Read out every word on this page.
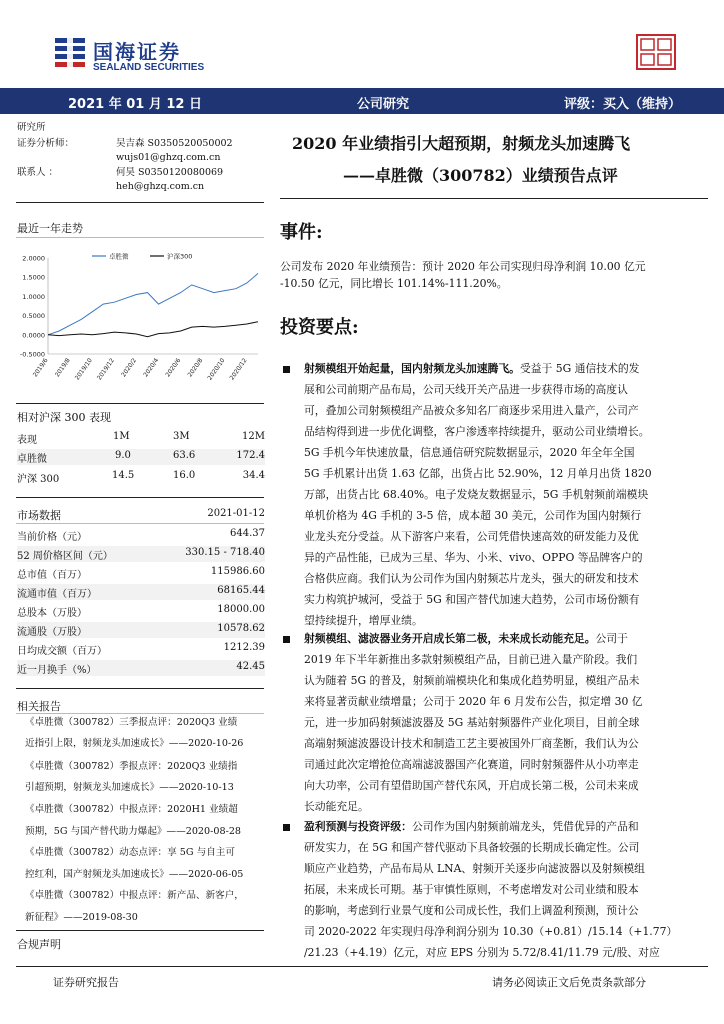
国海证券
SEALAND SECURITIES
2021 年 01 月 12 日	公司研究	评级：买入（维持）
研究所
证券分析师：	吴吉森 S0350520050002
wujs01@ghzq.com.cn
联系人 ：	何昊 S0350120080069
heh@ghzq.com.cn
2020 年业绩指引大超预期，射频龙头加速腾飞
——卓胜微（300782）业绩预告点评
最近一年走势
2.0000
1.5000
1.0000
0.5000
0.0000
-0.5000
2019/6 2019/8 2019/10 2019/12 2020/2 2020/4 2020/6 2020/8 2020/10 2020/12
卓胜微	沪深300
相对沪深 300 表现
表现	1M	3M	12M
卓胜微	9.0	63.6	172.4
沪深 300	14.5	16.0	34.4
市场数据	2021-01-12
当前价格（元）	644.37
52 周价格区间（元）	330.15 - 718.40
总市值（百万）	115986.60
流通市值（百万）	68165.44
总股本（万股）	18000.00
流通股（万股）	10578.62
日均成交额（百万）	1212.39
近一月换手（%）	42.45
相关报告
《卓胜微（300782）三季报点评：2020Q3 业绩
近指引上限，射频龙头加速成长》——2020-10-26
《卓胜微（300782）季报点评：2020Q3 业绩指
引超预期，射频龙头加速成长》——2020-10-13
《卓胜微（300782）中报点评：2020H1 业绩超
预期，5G 与国产替代助力爆起》——2020-08-28
《卓胜微（300782）动态点评：享 5G 与自主可
控红利，国产射频龙头加速成长》——2020-06-05
《卓胜微（300782）中报点评：新产品、新客户，
新征程》——2019-08-30
合规声明
事件:
公司发布 2020 年业绩预告：预计 2020 年公司实现归母净利润 10.00 亿元
-10.50 亿元，同比增长 101.14%-111.20%。
投资要点:
射频模组开始起量，国内射频龙头加速腾飞。受益于 5G 通信技术的发
展和公司前期产品布局，公司天线开关产品进一步获得市场的高度认
可，叠加公司射频模组产品被众多知名厂商逐步采用进入量产，公司产
品结构得到进一步优化调整，客户渗透率持续提升，驱动公司业绩增长。
5G 手机今年快速放量，信息通信研究院数据显示，2020 年全年全国
5G 手机累计出货 1.63 亿部，出货占比 52.90%，12 月单月出货 1820
万部，出货占比 68.40%。电子发烧友数据显示，5G 手机射频前端模块
单机价格为 4G 手机的 3-5 倍，成本超 30 美元，公司作为国内射频行
业龙头充分受益。从下游客户来看，公司凭借快速高效的研发能力及优
异的产品性能，已成为三星、华为、小米、vivo、OPPO 等品牌客户的
合格供应商。我们认为公司作为国内射频芯片龙头，强大的研发和技术
实力构筑护城河，受益于 5G 和国产替代加速大趋势，公司市场份额有
望持续提升，增厚业绩。
射频模组、滤波器业务开启成长第二极，未来成长动能充足。公司于
2019 年下半年新推出多款射频模组产品，目前已进入量产阶段。我们
认为随着 5G 的普及，射频前端模块化和集成化趋势明显，模组产品未
来将显著贡献业绩增量；公司于 2020 年 6 月发布公告，拟定增 30 亿
元，进一步加码射频滤波器及 5G 基站射频器件产业化项目，目前全球
高端射频滤波器设计技术和制造工艺主要被国外厂商垄断，我们认为公
司通过此次定增抢位高端滤波器国产化赛道，同时射频器件从小功率走
向大功率，公司有望借助国产替代东风，开启成长第二极，公司未来成
长动能充足。
盈利预测与投资评级：公司作为国内射频前端龙头，凭借优异的产品和
研发实力，在 5G 和国产替代驱动下具备较强的长期成长确定性。公司
顺应产业趋势，产品布局从 LNA、射频开关逐步向滤波器以及射频模组
拓展，未来成长可期。基于审慎性原则，不考虑增发对公司业绩和股本
的影响，考虑到行业景气度和公司成长性，我们上调盈利预测，预计公
司 2020-2022 年实现归母净利润分别为 10.30（+0.81）/15.14（+1.77）
/21.23（+4.19）亿元，对应 EPS 分别为 5.72/8.41/11.79 元/股、对应
证券研究报告	请务必阅读正文后免责条款部分
